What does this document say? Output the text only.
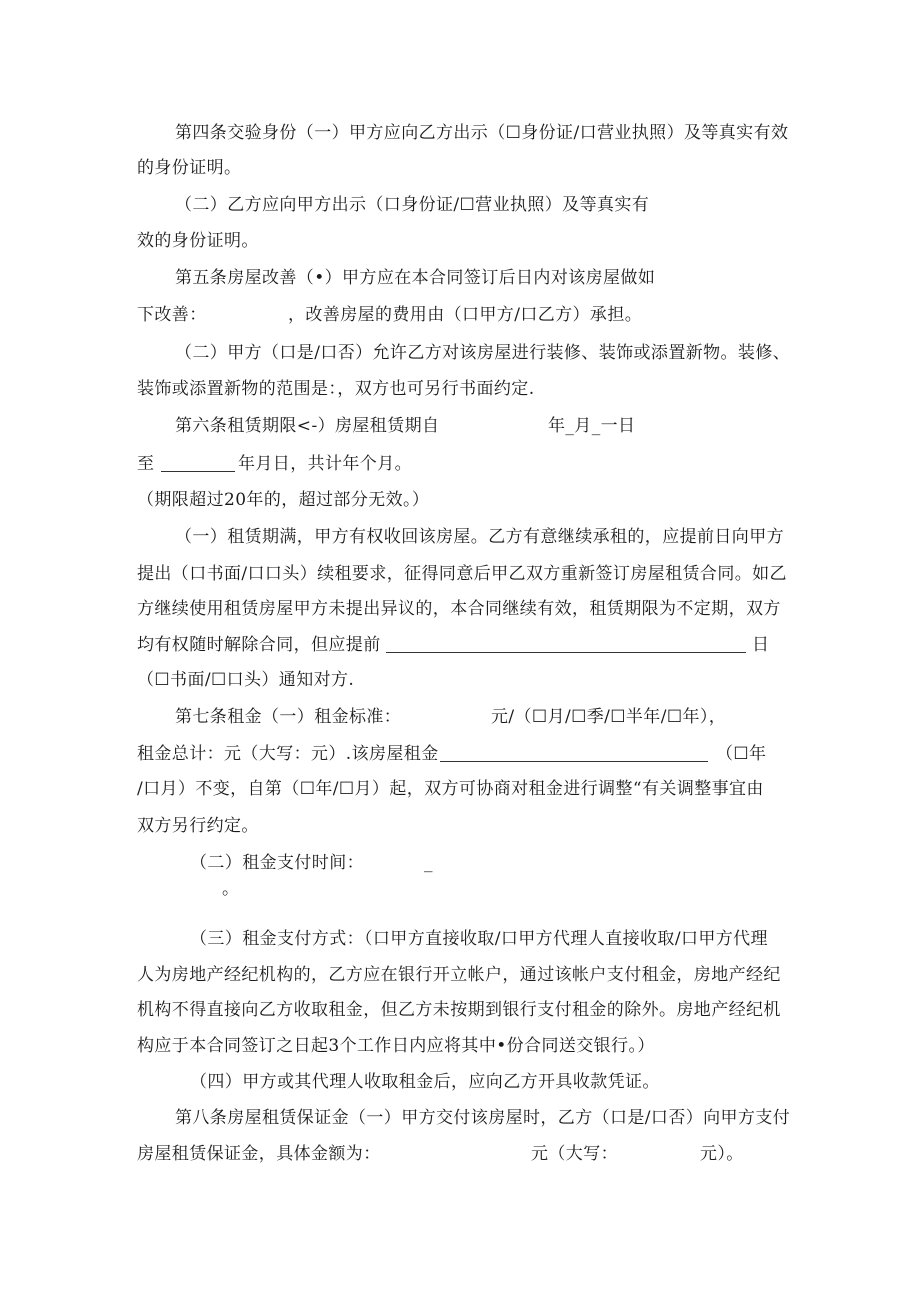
第四条交验身份（一）甲方应向乙方出示（☐身份证/口营业执照）及等真实有效
的身份证明。
（二）乙方应向甲方出示（口身份证/☐营业执照）及等真实有
效的身份证明。
第五条房屋改善（•）甲方应在本合同签订后日内对该房屋做如
下改善：	，改善房屋的费用由（口甲方/口乙方）承担。
（二）甲方（口是/口否）允许乙方对该房屋进行装修、装饰或添置新物。装修、
装饰或添置新物的范围是：，双方也可另行书面约定.
第六条租赁期限<-）房屋租赁期自	年_月_一日
至	年月日，共计年个月。
（期限超过20年的，超过部分无效。）
（一）租赁期满，甲方有权收回该房屋。乙方有意继续承租的，应提前日向甲方
提出（口书面/口口头）续租要求，征得同意后甲乙双方重新签订房屋租赁合同。如乙
方继续使用租赁房屋甲方未提出异议的，本合同继续有效，租赁期限为不定期，双方
均有权随时解除合同，但应提前	日
（☐书面/☐口头）通知对方.
第七条租金（一）租金标准：	元/（☐月/☐季/☐半年/☐年），
租金总计：元（大写：元）.该房屋租金	（☐年
/口月）不变，自第（☐年/☐月）起，双方可协商对租金进行调整“有关调整事宜由
双方另行约定。
（二）租金支付时间：	_
。
（三）租金支付方式：（口甲方直接收取/口甲方代理人直接收取/口甲方代理
人为房地产经纪机构的，乙方应在银行开立帐户，通过该帐户支付租金，房地产经纪
机构不得直接向乙方收取租金，但乙方未按期到银行支付租金的除外。房地产经纪机
构应于本合同签订之日起3个工作日内应将其中•份合同送交银行。）
（四）甲方或其代理人收取租金后，应向乙方开具收款凭证。
第八条房屋租赁保证金（一）甲方交付该房屋时，乙方（口是/口否）向甲方支付
房屋租赁保证金，具体金额为：	元（大写：	元）。
